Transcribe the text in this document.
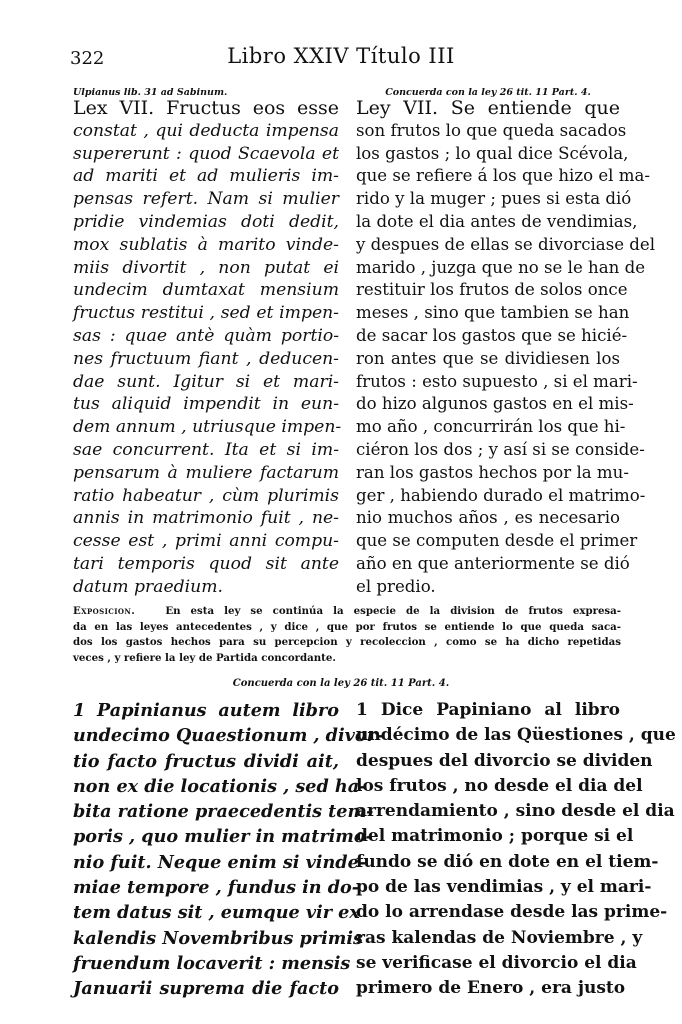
322	Libro XXIV Título III
Ulpianus lib. 31 ad Sabinum.	Concuerda con la ley 26 tit. 11 Part. 4.
Lex VII. Fructus eos esse
constat , qui deducta impensa
supererunt : quod Scaevola et
ad mariti et ad mulieris im-
pensas refert. Nam si mulier
pridie vindemias doti dedit,
mox sublatis à marito vinde-
miis divortit , non putat ei
undecim dumtaxat mensium
fructus restitui , sed et impen-
sas : quae antè quàm portio-
nes fructuum fiant , deducen-
dae sunt. Igitur si et mari-
tus aliquid impendit in eun-
dem annum , utriusque impen-
sae concurrent. Ita et si im-
pensarum à muliere factarum
ratio habeatur , cùm plurimis
annis in matrimonio fuit , ne-
cesse est , primi anni compu-
tari temporis quod sit ante
datum praedium.
Ley VII. Se entiende que
son frutos lo que queda sacados
los gastos ; lo qual dice Scévola,
que se refiere á los que hizo el ma-
rido y la muger ; pues si esta dió
la dote el dia antes de vendimias,
y despues de ellas se divorciase del
marido , juzga que no se le han de
restituir los frutos de solos once
meses , sino que tambien se han
de sacar los gastos que se hicié-
ron antes que se dividiesen los
frutos : esto supuesto , si el mari-
do hizo algunos gastos en el mis-
mo año , concurrirán los que hi-
ciéron los dos ; y así si se conside-
ran los gastos hechos por la mu-
ger , habiendo durado el matrimo-
nio muchos años , es necesario
que se computen desde el primer
año en que anteriormente se dió
el predio.
Exposicion.	En esta ley se continúa la especie de la division de frutos expresa-
da en las leyes antecedentes , y dice , que por frutos se entiende lo que queda saca-
dos los gastos hechos para su percepcion y recoleccion , como se ha dicho repetidas
veces , y refiere la ley de Partida concordante.
Concuerda con la ley 26 tit. 11 Part. 4.
1 Papinianus autem libro
undecimo Quaestionum , divor-
tio facto fructus dividi ait,
non ex die locationis , sed ha-
bita ratione praecedentis tem-
poris , quo mulier in matrimo-
nio fuit. Neque enim si vinde-
miae tempore , fundus in do-
tem datus sit , eumque vir ex
kalendis Novembribus primis
fruendum locaverit : mensis
Januarii suprema die facto
1 Dice Papiniano al libro
undécimo de las Qüestiones , que
despues del divorcio se dividen
los frutos , no desde el dia del
arrendamiento , sino desde el dia
del matrimonio ; porque si el
fundo se dió en dote en el tiem-
po de las vendimias , y el mari-
do lo arrendase desde las prime-
ras kalendas de Noviembre , y
se verificase el divorcio el dia
primero de Enero , era justo
